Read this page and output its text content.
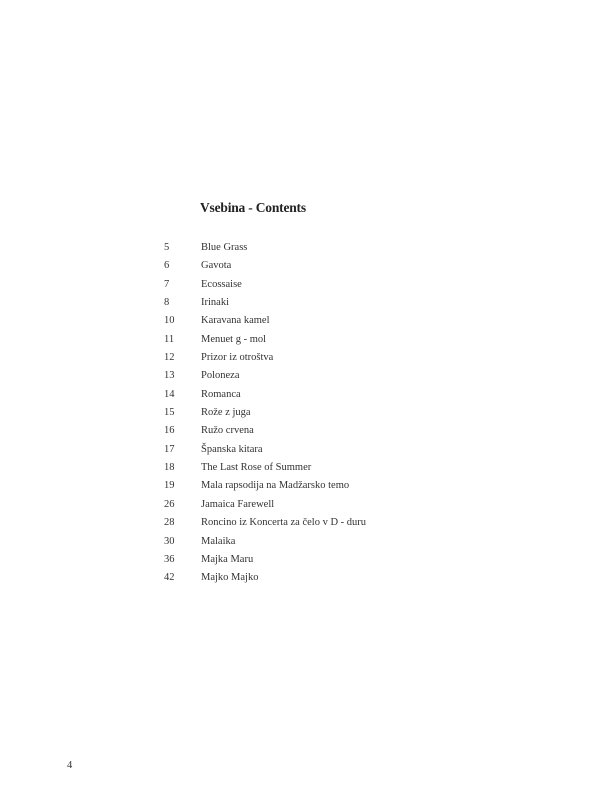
Vsebina - Contents
5	Blue Grass
6	Gavota
7	Ecossaise
8	Irinaki
10	Karavana kamel
11	Menuet g - mol
12	Prizor iz otroštva
13	Poloneza
14	Romanca
15	Rože z juga
16	Ružo crvena
17	Španska kitara
18	The Last Rose of Summer
19	Mala rapsodija na Madžarsko temo
26	Jamaica Farewell
28	Roncino iz Koncerta za čelo v D - duru
30	Malaika
36	Majka Maru
42	Majko Majko
4
